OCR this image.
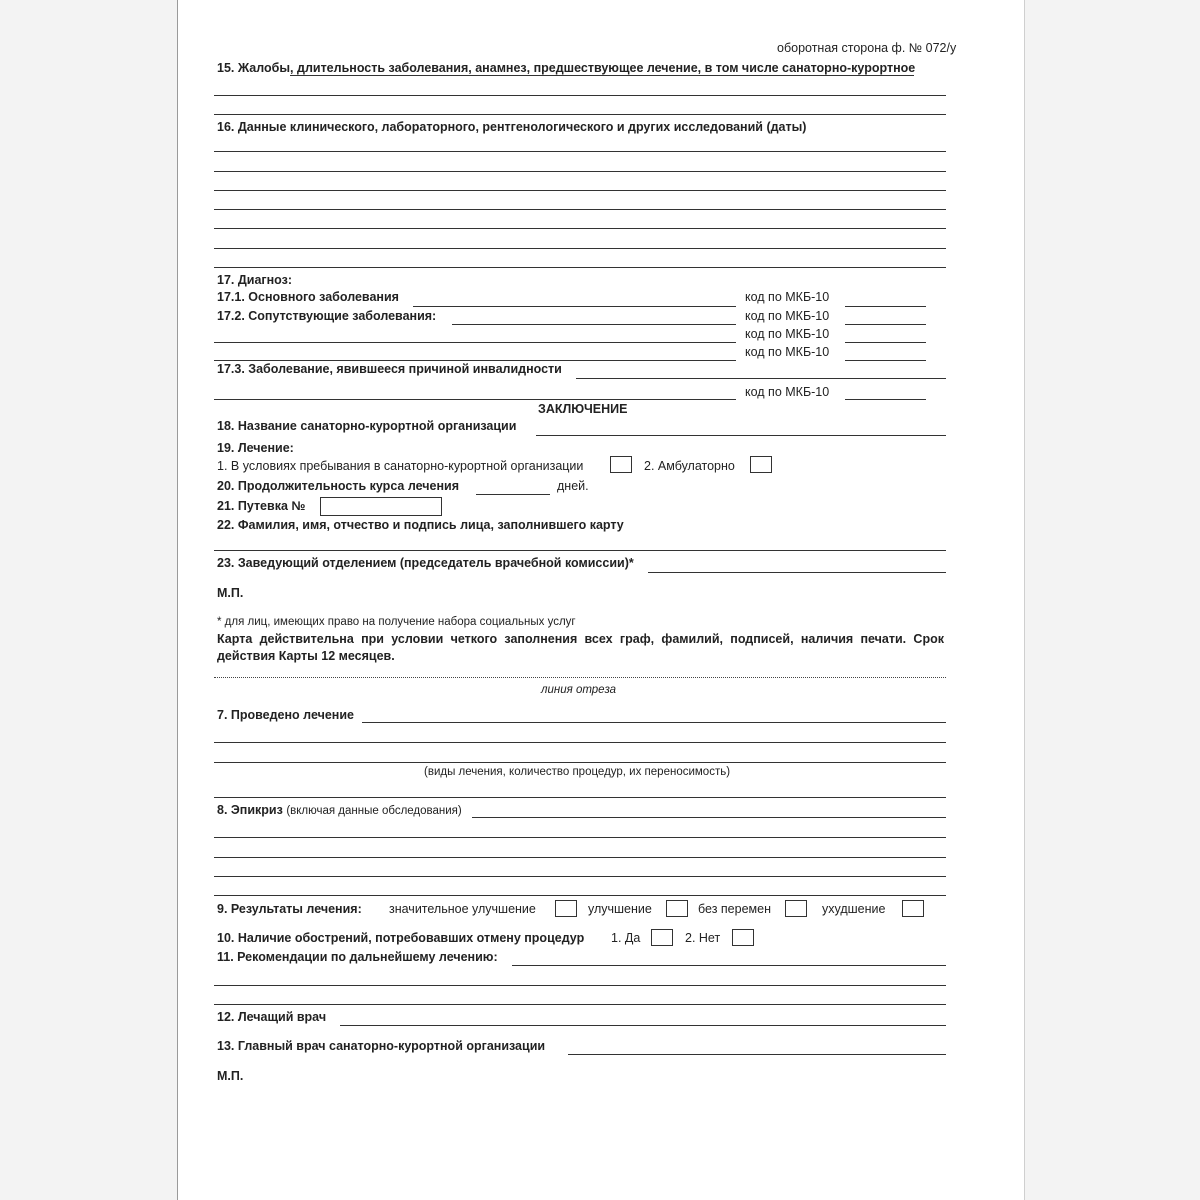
оборотная сторона ф. № 072/у
15. Жалобы, длительность заболевания, анамнез, предшествующее лечение, в том числе санаторно-курортное
16. Данные клинического, лабораторного, рентгенологического и других исследований (даты)
17. Диагноз:
17.1. Основного заболевания	код по МКБ-10
17.2. Сопутствующие заболевания:	код по МКБ-10
код по МКБ-10
код по МКБ-10
17.3. Заболевание, явившееся причиной инвалидности
код по МКБ-10
ЗАКЛЮЧЕНИЕ
18. Название санаторно-курортной организации
19. Лечение:
1. В условиях пребывания в санаторно-курортной организации	2. Амбулаторно
20. Продолжительность курса лечения	дней.
21. Путевка №
22. Фамилия, имя, отчество и подпись лица, заполнившего карту
23. Заведующий отделением (председатель врачебной комиссии)*
М.П.
* для лиц, имеющих право на получение набора социальных услуг
Карта действительна при условии четкого заполнения всех граф, фамилий, подписей, наличия печати. Срок действия Карты 12 месяцев.
линия отреза
7. Проведено лечение
(виды лечения, количество процедур, их переносимость)
8. Эпикриз (включая данные обследования)
9. Результаты лечения: значительное улучшение	улучшение	без перемен	ухудшение
10. Наличие обострений, потребовавших отмену процедур 1. Да	2. Нет
11. Рекомендации по дальнейшему лечению:
12. Лечащий врач
13. Главный врач санаторно-курортной организации
М.П.
